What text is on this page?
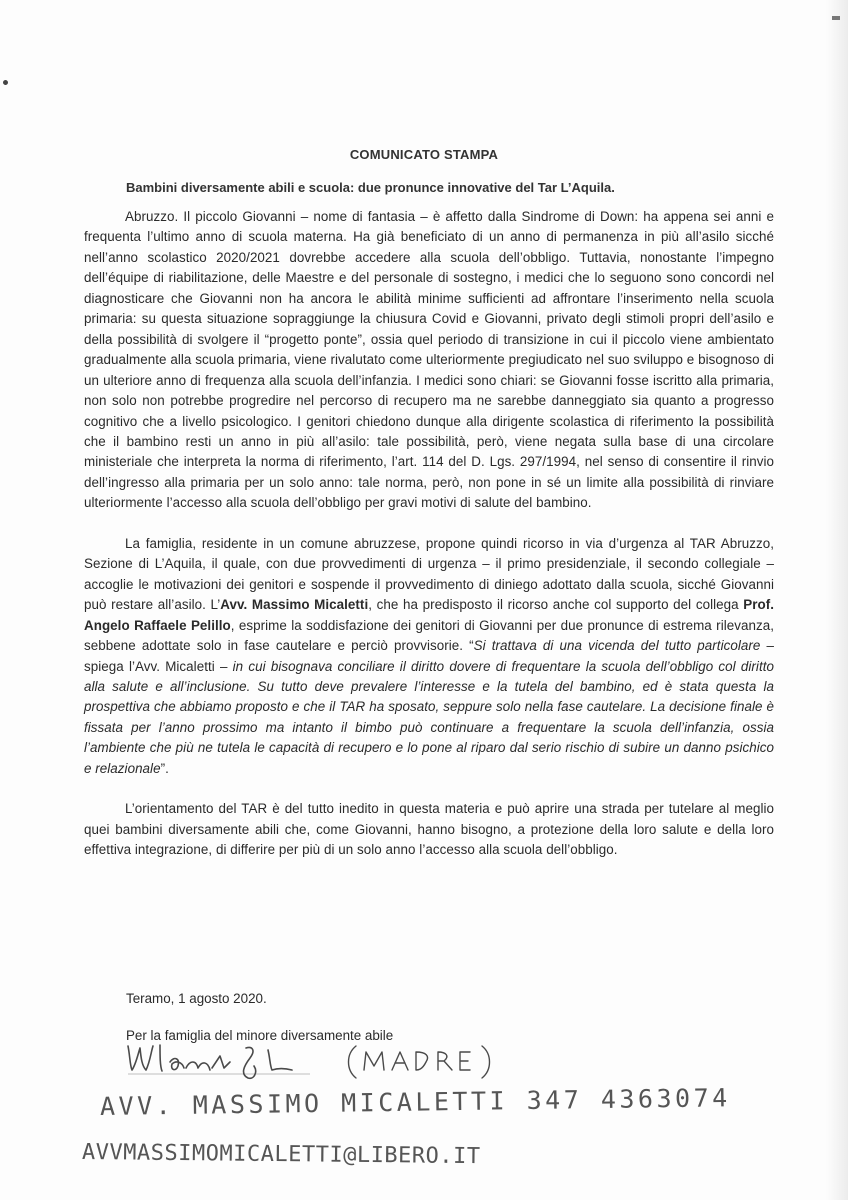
COMUNICATO STAMPA
Bambini diversamente abili e scuola: due pronunce innovative del Tar L’Aquila.

Abruzzo. Il piccolo Giovanni – nome di fantasia – è affetto dalla Sindrome di Down: ha appena sei anni e frequenta l’ultimo anno di scuola materna. Ha già beneficiato di un anno di permanenza in più all’asilo sicché nell’anno scolastico 2020/2021 dovrebbe accedere alla scuola dell’obbligo. Tuttavia, nonostante l’impegno dell’équipe di riabilitazione, delle Maestre e del personale di sostegno, i medici che lo seguono sono concordi nel diagnosticare che Giovanni non ha ancora le abilità minime sufficienti ad affrontare l’inserimento nella scuola primaria: su questa situazione sopraggiunge la chiusura Covid e Giovanni, privato degli stimoli propri dell’asilo e della possibilità di svolgere il “progetto ponte”, ossia quel periodo di transizione in cui il piccolo viene ambientato gradualmente alla scuola primaria, viene rivalutato come ulteriormente pregiudicato nel suo sviluppo e bisognoso di un ulteriore anno di frequenza alla scuola dell’infanzia. I medici sono chiari: se Giovanni fosse iscritto alla primaria, non solo non potrebbe progredire nel percorso di recupero ma ne sarebbe danneggiato sia quanto a progresso cognitivo che a livello psicologico. I genitori chiedono dunque alla dirigente scolastica di riferimento la possibilità che il bambino resti un anno in più all’asilo: tale possibilità, però, viene negata sulla base di una circolare ministeriale che interpreta la norma di riferimento, l’art. 114 del D. Lgs. 297/1994, nel senso di consentire il rinvio dell’ingresso alla primaria per un solo anno: tale norma, però, non pone in sé un limite alla possibilità di rinviare ulteriormente l’accesso alla scuola dell’obbligo per gravi motivi di salute del bambino.

La famiglia, residente in un comune abruzzese, propone quindi ricorso in via d’urgenza al TAR Abruzzo, Sezione di L’Aquila, il quale, con due provvedimenti di urgenza – il primo presidenziale, il secondo collegiale – accoglie le motivazioni dei genitori e sospende il provvedimento di diniego adottato dalla scuola, sicché Giovanni può restare all’asilo. L’Avv. Massimo Micaletti, che ha predisposto il ricorso anche col supporto del collega Prof. Angelo Raffaele Pelillo, esprime la soddisfazione dei genitori di Giovanni per due pronunce di estrema rilevanza, sebbene adottate solo in fase cautelare e perciò provvisorie. “Si trattava di una vicenda del tutto particolare – spiega l’Avv. Micaletti – in cui bisognava conciliare il diritto dovere di frequentare la scuola dell’obbligo col diritto alla salute e all’inclusione. Su tutto deve prevalere l’interesse e la tutela del bambino, ed è stata questa la prospettiva che abbiamo proposto e che il TAR ha sposato, seppure solo nella fase cautelare. La decisione finale è fissata per l’anno prossimo ma intanto il bimbo può continuare a frequentare la scuola dell’infanzia, ossia l’ambiente che più ne tutela le capacità di recupero e lo pone al riparo dal serio rischio di subire un danno psichico e relazionale”.

L’orientamento del TAR è del tutto inedito in questa materia e può aprire una strada per tutelare al meglio quei bambini diversamente abili che, come Giovanni, hanno bisogno, a protezione della loro salute e della loro effettiva integrazione, di differire per più di un solo anno l’accesso alla scuola dell’obbligo.

Teramo, 1 agosto 2020.
Per la famiglia del minore diversamente abile
AVV. MASSIMO MICALETTI 347 4363074
AVVMASSIMOMICALETTI@LIBERO.IT
